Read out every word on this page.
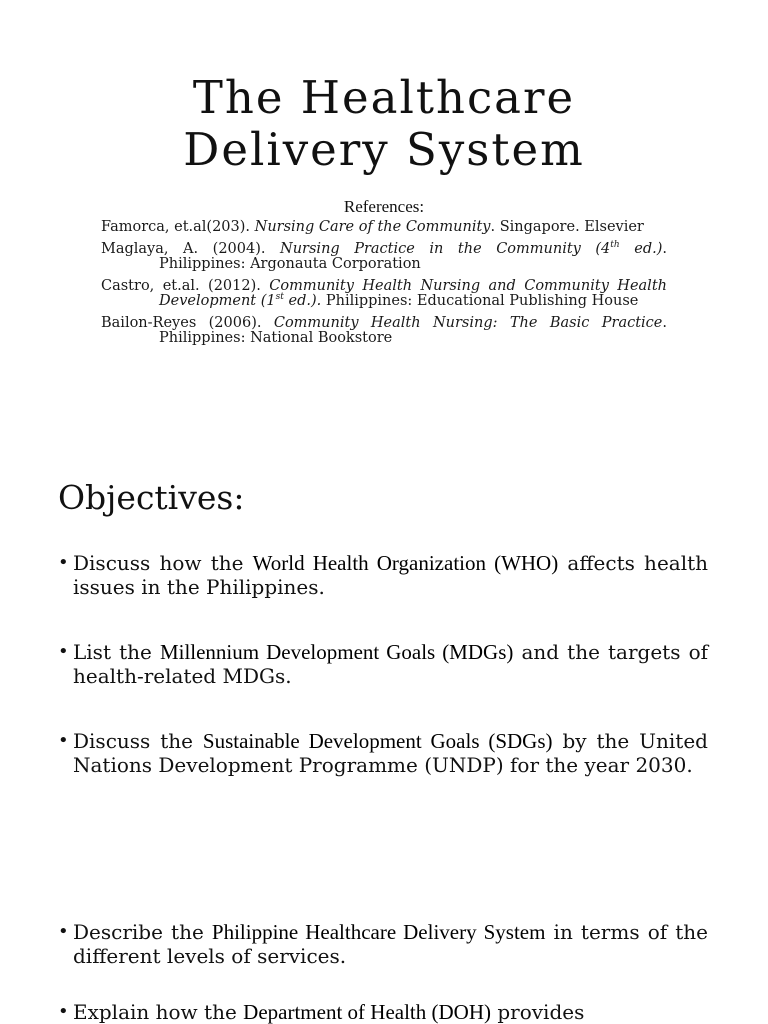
The Healthcare
Delivery System
References:
Famorca, et.al(203). Nursing Care of the Community. Singapore. Elsevier
Maglaya, A. (2004). Nursing Practice in the Community (4th ed.). Philippines: Argonauta Corporation
Castro, et.al. (2012). Community Health Nursing and Community Health Development (1st ed.). Philippines: Educational Publishing House
Bailon-Reyes (2006). Community Health Nursing: The Basic Practice. Philippines: National Bookstore
Objectives:
• Discuss how the World Health Organization (WHO) affects health issues in the Philippines.
• List the Millennium Development Goals (MDGs) and the targets of health-related MDGs.
• Discuss the Sustainable Development Goals (SDGs) by the United Nations Development Programme (UNDP) for the year 2030.
• Describe the Philippine Healthcare Delivery System in terms of the different levels of services.
• Explain how the Department of Health (DOH) provides
